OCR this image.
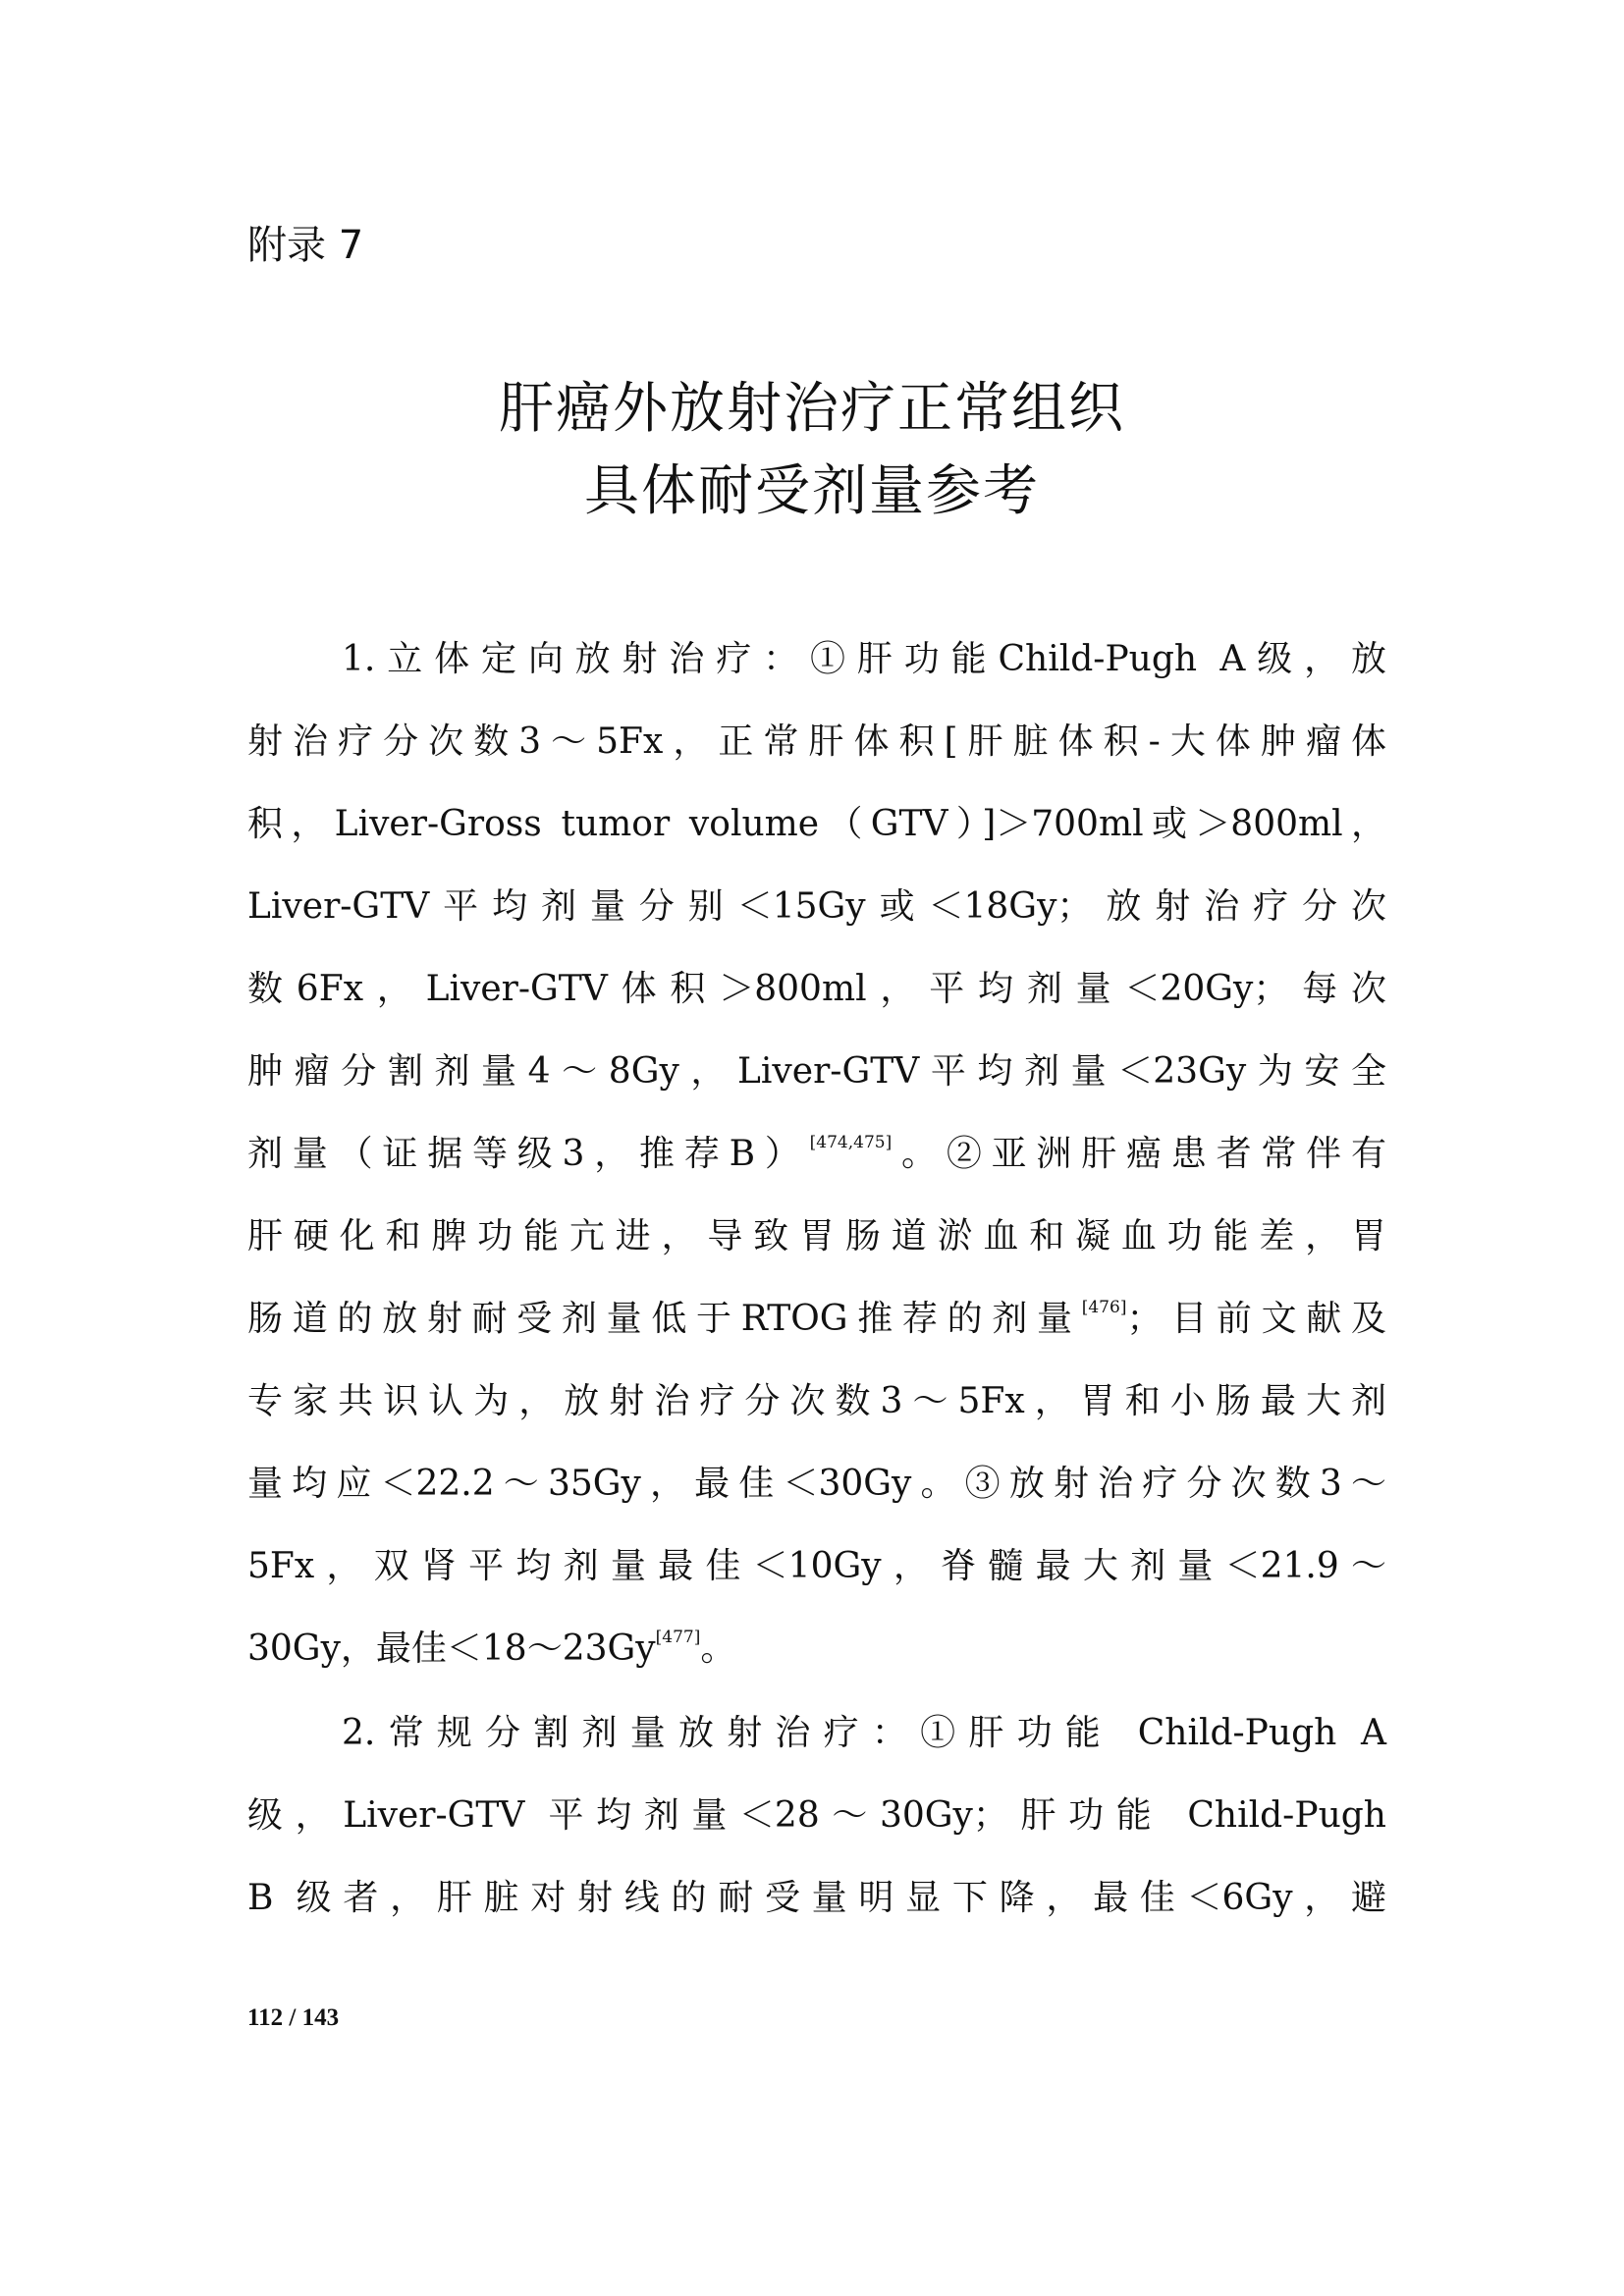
附录 7
肝癌外放射治疗正常组织
具体耐受剂量参考
1.立体定向放射治疗：①肝功能Child-Pugh A级，放
射治疗分次数3～5Fx，正常肝体积[肝脏体积-大体肿瘤体
积，Liver-Gross tumor volume（GTV）]＞700ml或＞800ml，
Liver-GTV平均剂量分别＜15Gy或＜18Gy；放射治疗分次
数6Fx，Liver-GTV体积＞800ml，平均剂量＜20Gy；每次
肿瘤分割剂量4～8Gy，Liver-GTV平均剂量＜23Gy为安全
剂量（证据等级3，推荐B）[474,475]。②亚洲肝癌患者常伴有
肝硬化和脾功能亢进，导致胃肠道淤血和凝血功能差，胃
肠道的放射耐受剂量低于RTOG推荐的剂量[476]；目前文献及
专家共识认为，放射治疗分次数3～5Fx，胃和小肠最大剂
量均应＜22.2～35Gy，最佳＜30Gy。③放射治疗分次数3～
5Fx，双肾平均剂量最佳＜10Gy，脊髓最大剂量＜21.9～
30Gy，最佳＜18～23Gy[477]。
2.常规分割剂量放射治疗：①肝功能 Child-Pugh A
级，Liver-GTV 平均剂量＜28～30Gy；肝功能 Child-Pugh
B 级者，肝脏对射线的耐受量明显下降，最佳＜6Gy，避
112 / 143
